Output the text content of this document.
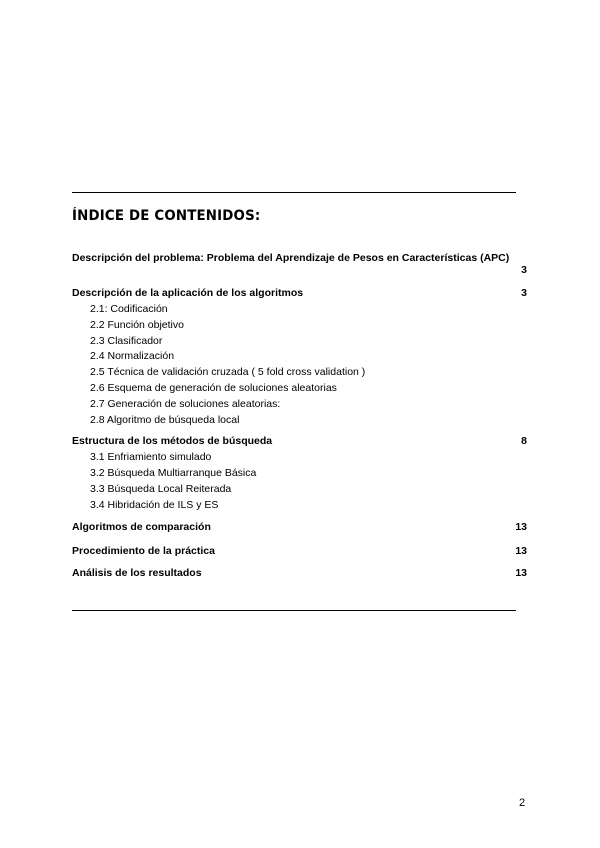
ÍNDICE DE CONTENIDOS:
Descripción del problema: Problema del Aprendizaje de Pesos en Características (APC)
3
Descripción de la aplicación de los algoritmos	3
2.1: Codificación
2.2 Función objetivo
2.3 Clasificador
2.4 Normalización
2.5 Técnica de validación cruzada ( 5 fold cross validation )
2.6 Esquema de generación de soluciones aleatorias
2.7 Generación de soluciones aleatorias:
2.8 Algoritmo de búsqueda local
Estructura de los métodos de búsqueda	8
3.1 Enfriamiento simulado
3.2 Búsqueda Multiarranque Básica
3.3 Búsqueda Local Reiterada
3.4 Hibridación de ILS y ES
Algoritmos de comparación	13
Procedimiento de la práctica	13
Análisis de los resultados	13
2
